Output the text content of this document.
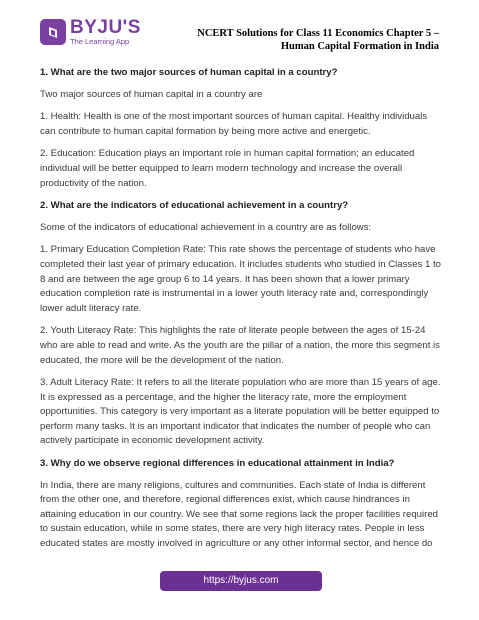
BYJU'S
The Learning App
NCERT Solutions for Class 11 Economics Chapter 5 –
Human Capital Formation in India

1. What are the two major sources of human capital in a country?

Two major sources of human capital in a country are

1. Health: Health is one of the most important sources of human capital. Healthy individuals can contribute to human capital formation by being more active and energetic.

2. Education: Education plays an important role in human capital formation; an educated individual will be better equipped to learn modern technology and increase the overall productivity of the nation.

2. What are the indicators of educational achievement in a country?

Some of the indicators of educational achievement in a country are as follows:

1. Primary Education Completion Rate: This rate shows the percentage of students who have completed their last year of primary education. It includes students who studied in Classes 1 to 8 and are between the age group 6 to 14 years. It has been shown that a lower primary education completion rate is instrumental in a lower youth literacy rate and, correspondingly lower adult literacy rate.

2. Youth Literacy Rate: This highlights the rate of literate people between the ages of 15-24 who are able to read and write. As the youth are the pillar of a nation, the more this segment is educated, the more will be the development of the nation.

3. Adult Literacy Rate: It refers to all the literate population who are more than 15 years of age. It is expressed as a percentage, and the higher the literacy rate, more the employment opportunities. This category is very important as a literate population will be better equipped to perform many tasks. It is an important indicator that indicates the number of people who can actively participate in economic development activity.

3. Why do we observe regional differences in educational attainment in India?

In India, there are many religions, cultures and communities. Each state of India is different from the other one, and therefore, regional differences exist, which cause hindrances in attaining education in our country. We see that some regions lack the proper facilities required to sustain education, while in some states, there are very high literacy rates. People in less educated states are mostly involved in agriculture or any other informal sector, and hence do

https://byjus.com
